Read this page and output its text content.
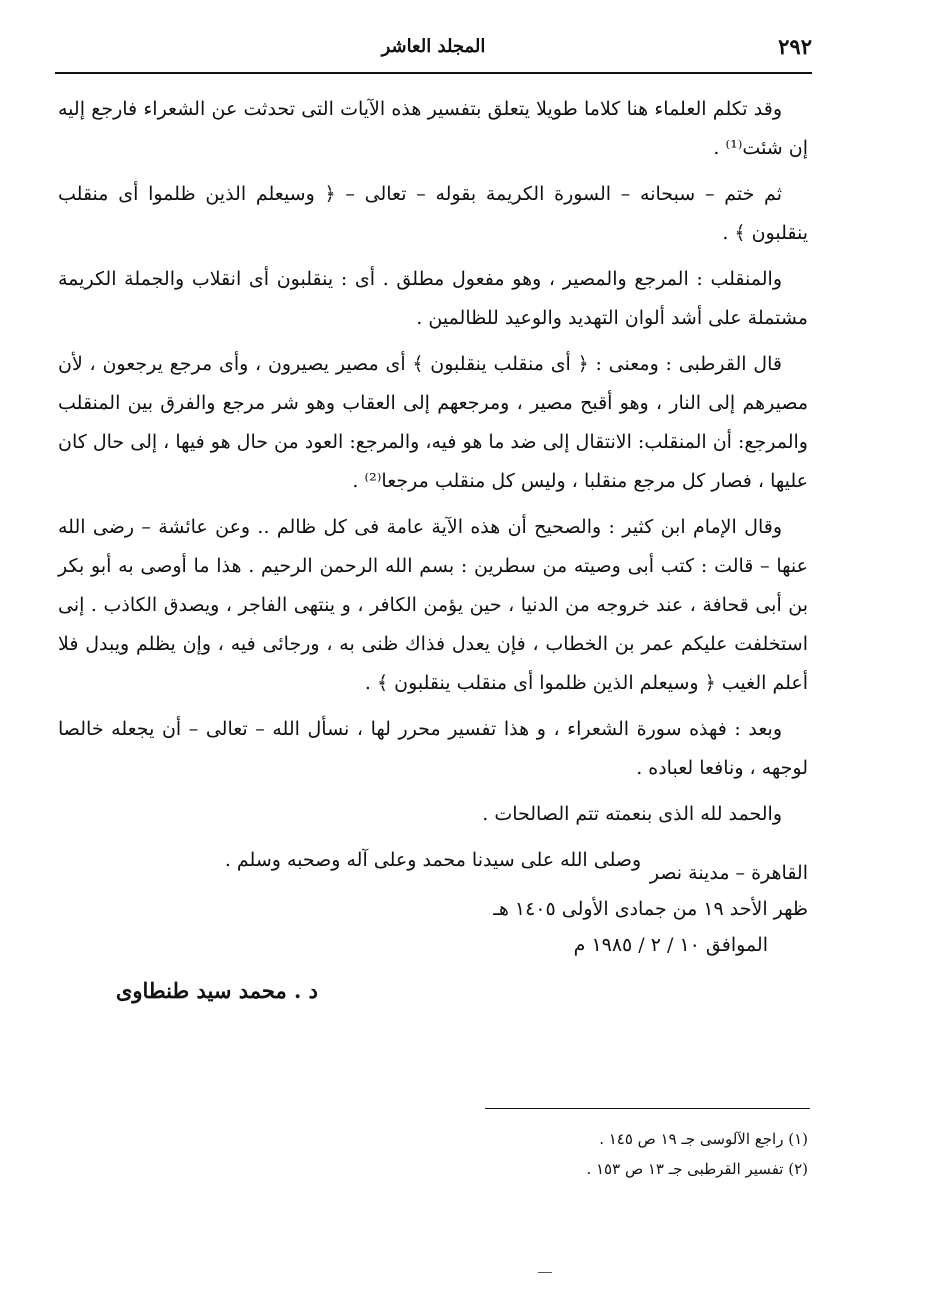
٢٩٢
المجلد العاشر

وقد تكلم العلماء هنا كلاما طويلا يتعلق بتفسير هذه الآيات التى تحدثت عن الشعراء فارجع إليه إن شئت⁽¹⁾ .

ثم ختم – سبحانه – السورة الكريمة بقوله – تعالى – ﴿ وسيعلم الذين ظلموا أى منقلب ينقلبون ﴾ .

والمنقلب : المرجع والمصير ، وهو مفعول مطلق . أى : ينقلبون أى انقلاب والجملة الكريمة مشتملة على أشد ألوان التهديد والوعيد للظالمين .

قال القرطبى : ومعنى : ﴿ أى منقلب ينقلبون ﴾ أى مصير يصيرون ، وأى مرجع يرجعون ، لأن مصيرهم إلى النار ، وهو أقبح مصير ، ومرجعهم إلى العقاب وهو شر مرجع والفرق بين المنقلب والمرجع: أن المنقلب: الانتقال إلى ضد ما هو فيه، والمرجع: العود من حال هو فيها ، إلى حال كان عليها ، فصار كل مرجع منقلبا ، وليس كل منقلب مرجعا⁽²⁾ .

وقال الإمام ابن كثير : والصحيح أن هذه الآية عامة فى كل ظالم .. وعن عائشة – رضى الله عنها – قالت : كتب أبى وصيته من سطرين : بسم الله الرحمن الرحيم . هذا ما أوصى به أبو بكر بن أبى قحافة ، عند خروجه من الدنيا ، حين يؤمن الكافر ، و ينتهى الفاجر ، ويصدق الكاذب . إنى استخلفت عليكم عمر بن الخطاب ، فإن يعدل فذاك ظنى به ، ورجائى فيه ، وإن يظلم ويبدل فلا أعلم الغيب ﴿ وسيعلم الذين ظلموا أى منقلب ينقلبون ﴾ .

وبعد : فهذه سورة الشعراء ، و هذا تفسير محرر لها ، نسأل الله – تعالى – أن يجعله خالصا لوجهه ، ونافعا لعباده .

والحمد لله الذى بنعمته تتم الصالحات .

وصلى الله على سيدنا محمد وعلى آله وصحبه وسلم .

القاهرة – مدينة نصر
ظهر الأحد ١٩ من جمادى الأولى ١٤٠٥ هـ
الموافق ١٠ / ٢ / ١٩٨٥ م
د . محمد سيد طنطاوى
(١) راجع الآلوسى جـ ١٩ ص ١٤٥ .
(٢) تفسير القرطبى جـ ١٣ ص ١٥٣ .
